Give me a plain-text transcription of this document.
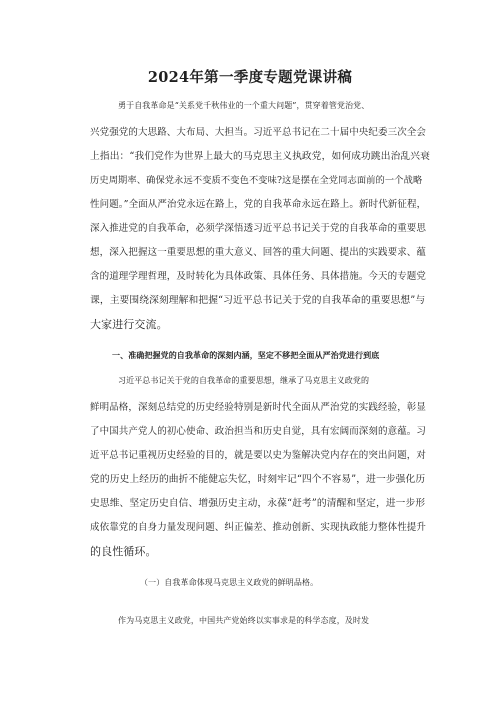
2024年第一季度专题党课讲稿
勇于自我革命是“关系党千秋伟业的一个重大问题”，贯穿着管党治党、
兴党强党的大思路、大布局、大担当。习近平总书记在二十届中央纪委三次全会
上指出：“我们党作为世界上最大的马克思主义执政党，如何成功跳出治乱兴衰
历史周期率、确保党永远不变质不变色不变味?这是摆在全党同志面前的一个战略
性问题。”全面从严治党永远在路上，党的自我革命永远在路上。新时代新征程，
深入推进党的自我革命，必须学深悟透习近平总书记关于党的自我革命的重要思
想，深入把握这一重要思想的重大意义、回答的重大问题、提出的实践要求、蕴
含的道理学理哲理，及时转化为具体政策、具体任务、具体措施。今天的专题党
课，主要围绕深刻理解和把握“习近平总书记关于党的自我革命的重要思想”与
大家进行交流。
一、准确把握党的自我革命的深刻内涵，坚定不移把全面从严治党进行到底
习近平总书记关于党的自我革命的重要思想，继承了马克思主义政党的
鲜明品格，深刻总结党的历史经验特别是新时代全面从严治党的实践经验，彰显
了中国共产党人的初心使命、政治担当和历史自觉，具有宏阔而深刻的意蕴。习
近平总书记重视历史经验的目的，就是要以史为鉴解决党内存在的突出问题，对
党的历史上经历的曲折不能健忘失忆，时刻牢记“四个不容易”，进一步强化历
史思维、坚定历史自信、增强历史主动，永葆“赶考”的清醒和坚定，进一步形
成依靠党的自身力量发现问题、纠正偏差、推动创新、实现执政能力整体性提升
的良性循环。
（一）自我革命体现马克思主义政党的鲜明品格。
作为马克思主义政党，中国共产党始终以实事求是的科学态度，及时发
